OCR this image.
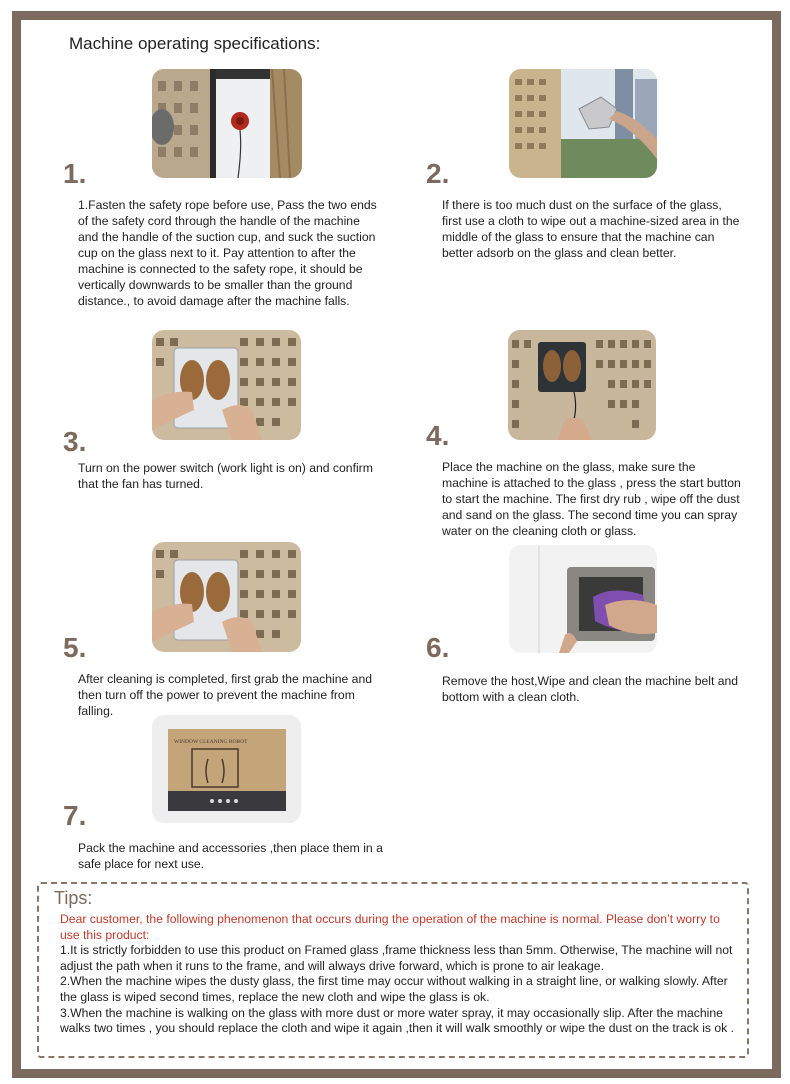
Machine operating specifications:
1.
1.Fasten the safety rope before use, Pass the two ends of the safety cord through the handle of the machine and the handle of the suction cup, and suck the suction cup on the glass next to it. Pay attention to after the machine is connected to the safety rope, it should be vertically downwards to be smaller than the ground distance., to avoid damage after the machine falls.
2.
If there is too much dust on the surface of the glass, first use a cloth to wipe out a machine-sized area in the middle of the glass to ensure that the machine can better adsorb on the glass and clean better.
3.
Turn on the power switch (work light is on) and confirm that the fan has turned.
4.
Place the machine on the glass, make sure the machine is attached to the glass , press the start button to start the machine. The first dry rub , wipe off the dust and sand on the glass. The second time you can spray water on the cleaning cloth or glass.
5.
After cleaning is completed, first grab the machine and then turn off the power to prevent the machine from falling.
6.
Remove the host,Wipe and clean the machine belt and bottom with a clean cloth.
WINDOW CLEANING ROBOT
7.
Pack the machine and accessories ,then place them in a safe place for next use.
Tips:

Dear customer, the following phenomenon that occurs during the operation of the machine is normal. Please don’t worry to use this product:

1.It is strictly forbidden to use this product on Framed glass ,frame thickness less than 5mm. Otherwise, The machine will not adjust the path when it runs to the frame, and will always drive forward, which is prone to air leakage.

2.When the machine wipes the dusty glass, the first time may occur without walking in a straight line, or walking slowly. After the glass is wiped second times, replace the new cloth and wipe the glass is ok.

3.When the machine is walking on the glass with more dust or more water spray, it may occasionally slip. After the machine walks two times , you should replace the cloth and wipe it again ,then it will walk smoothly or wipe the dust on the track is ok .
